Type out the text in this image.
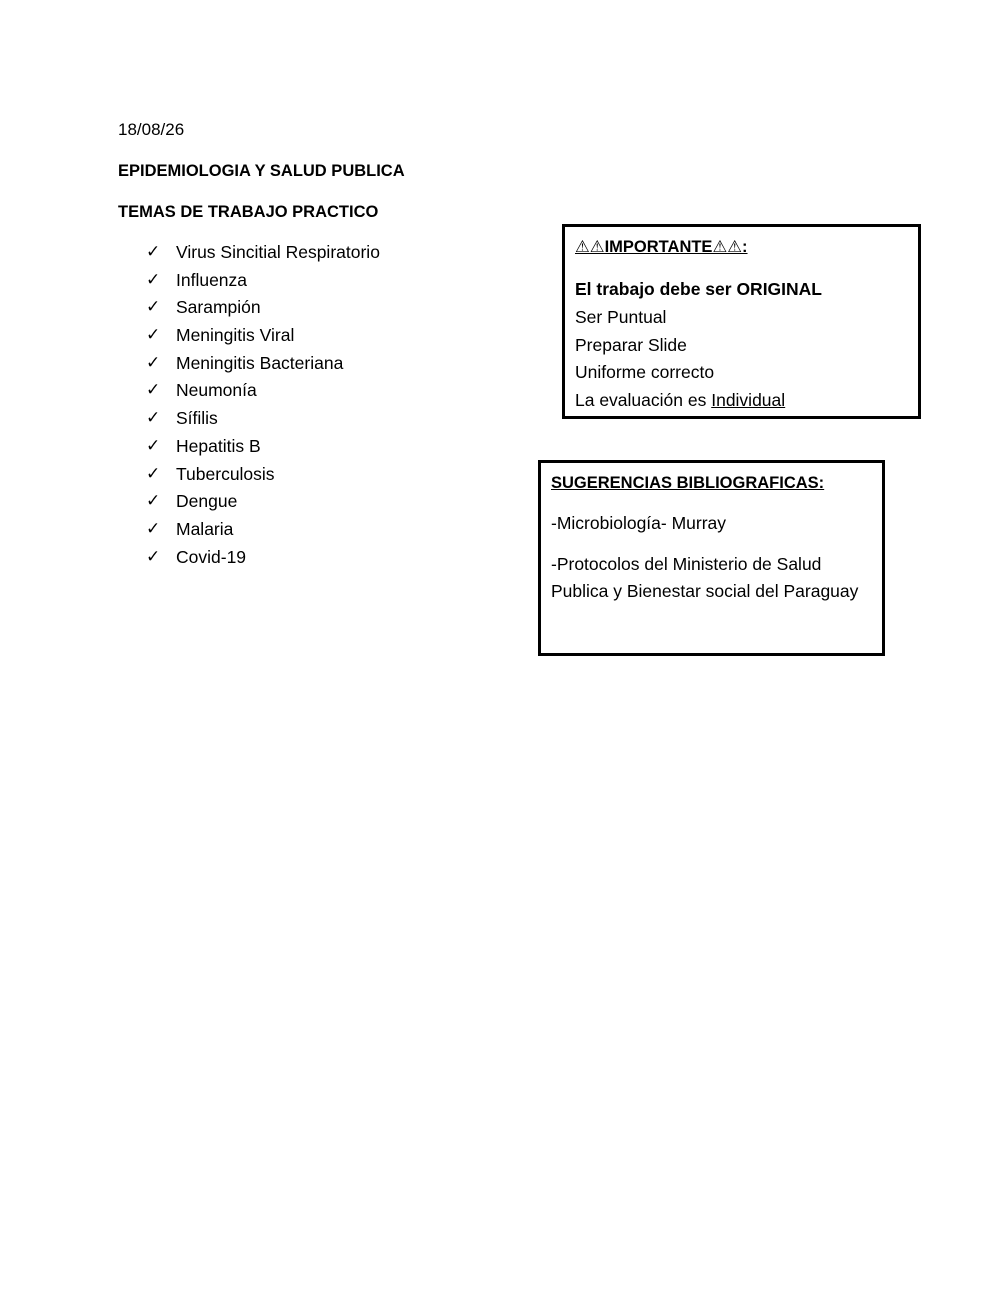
18/08/26
EPIDEMIOLOGIA Y SALUD PUBLICA
TEMAS DE TRABAJO PRACTICO
✓ Virus Sincitial Respiratorio
✓ Influenza
✓ Sarampión
✓ Meningitis Viral
✓ Meningitis Bacteriana
✓ Neumonía
✓ Sífilis
✓ Hepatitis B
✓ Tuberculosis
✓ Dengue
✓ Malaria
✓ Covid-19
⚠⚠IMPORTANTE⚠⚠:
El trabajo debe ser ORIGINAL
Ser Puntual
Preparar Slide
Uniforme correcto
La evaluación es Individual
SUGERENCIAS BIBLIOGRAFICAS:
-Microbiología- Murray
-Protocolos del Ministerio de Salud
Publica y Bienestar social del Paraguay
